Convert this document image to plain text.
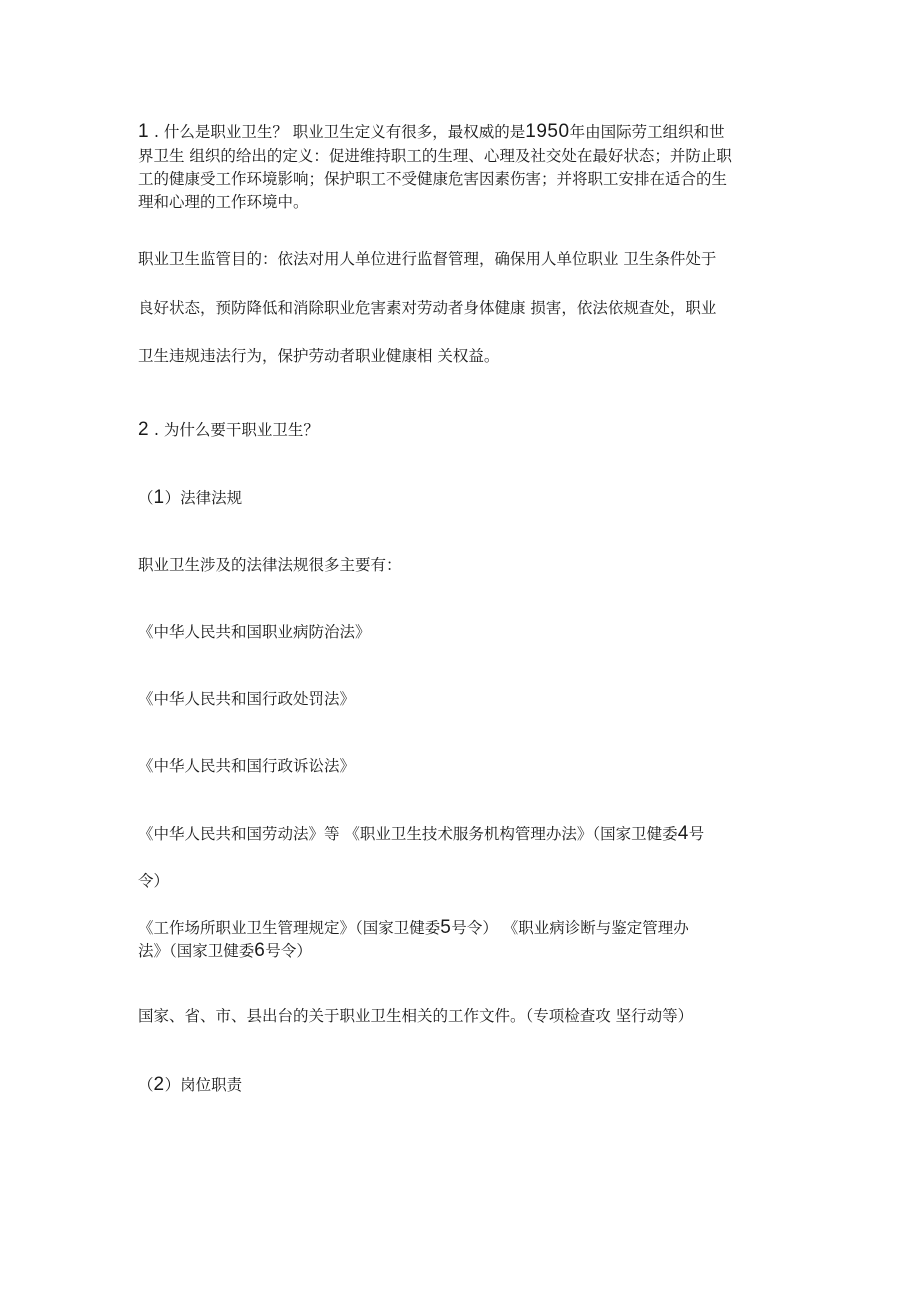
1 . 什么是职业卫生？ 职业卫生定义有很多，最权威的是1950年由国际劳工组织和世
界卫生 组织的给出的定义：促进维持职工的生理、心理及社交处在最好状态；并防止职
工的健康受工作环境影响；保护职工不受健康危害因素伤害；并将职工安排在适合的生
理和心理的工作环境中。
职业卫生监管目的：依法对用人单位进行监督管理，确保用人单位职业 卫生条件处于
良好状态，预防降低和消除职业危害素对劳动者身体健康 损害，依法依规查处，职业
卫生违规违法行为，保护劳动者职业健康相 关权益。
2 . 为什么要干职业卫生？
（1）法律法规
职业卫生涉及的法律法规很多主要有：
《中华人民共和国职业病防治法》
《中华人民共和国行政处罚法》
《中华人民共和国行政诉讼法》
《中华人民共和国劳动法》等 《职业卫生技术服务机构管理办法》（国家卫健委4号
令）
《工作场所职业卫生管理规定》（国家卫健委5号令） 《职业病诊断与鉴定管理办
法》（国家卫健委6号令）
国家、省、市、县出台的关于职业卫生相关的工作文件。（专项检查攻 坚行动等）
（2）岗位职责
